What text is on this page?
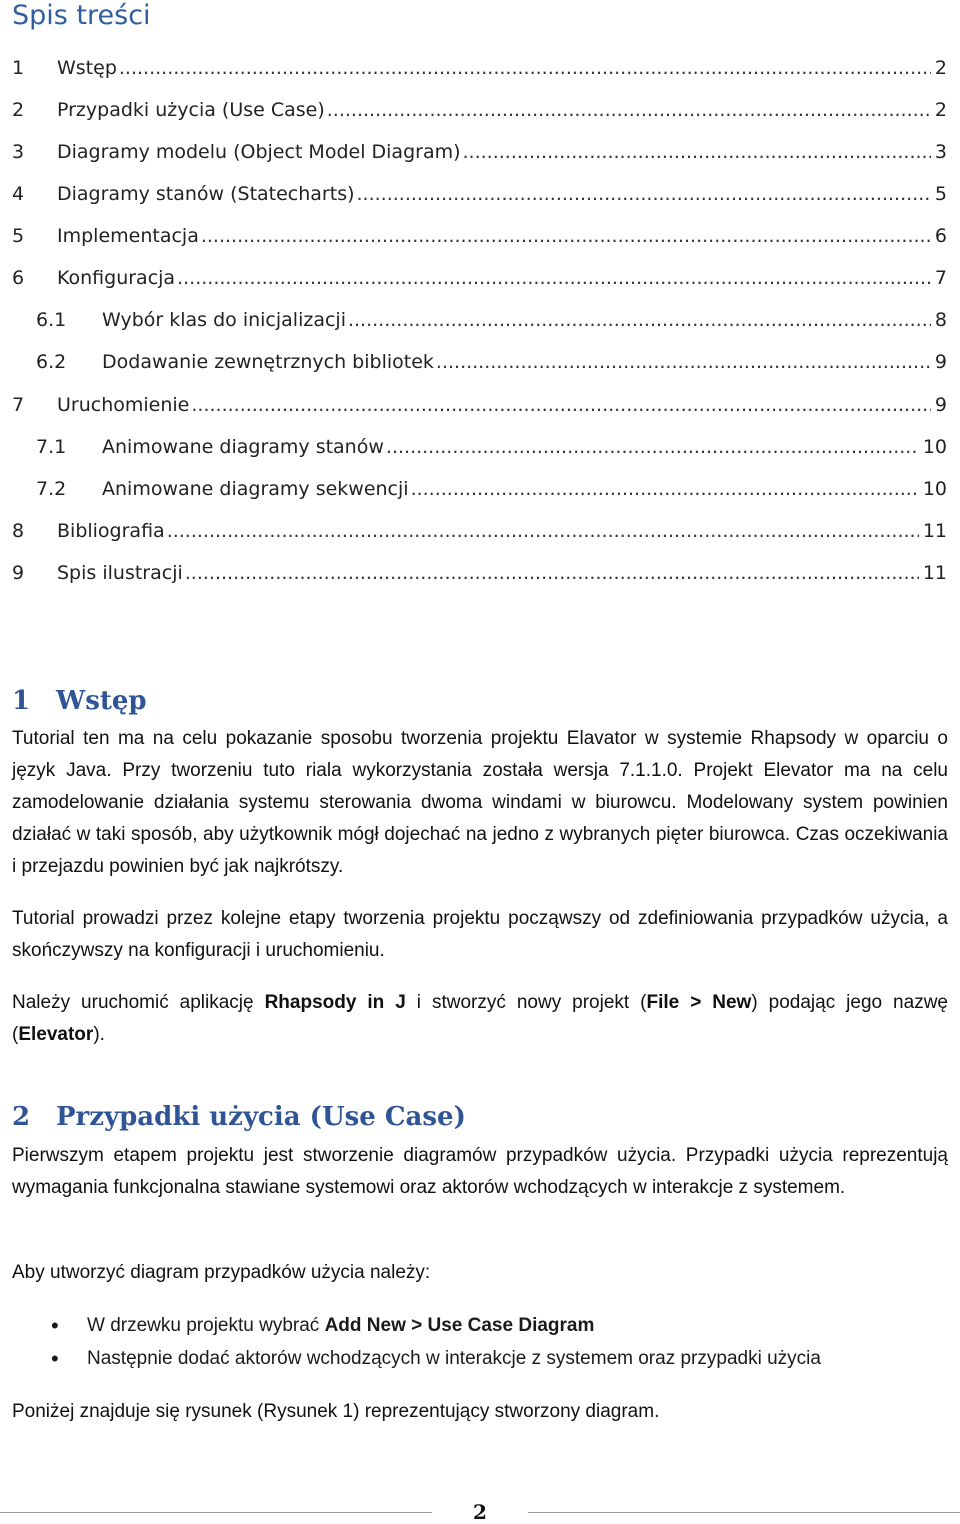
Spis treści
1	Wstęp .....	2
2	Przypadki użycia (Use Case) .....	2
3	Diagramy modelu (Object Model Diagram) .....	3
4	Diagramy stanów (Statecharts) .....	5
5	Implementacja .....	6
6	Konfiguracja .....	7
6.1	Wybór klas do inicjalizacji .....	8
6.2	Dodawanie zewnętrznych bibliotek .....	9
7	Uruchomienie .....	9
7.1	Animowane diagramy stanów .....	10
7.2	Animowane diagramy sekwencji .....	10
8	Bibliografia .....	11
9	Spis ilustracji .....	11
1 Wstęp

Tutorial ten ma na celu pokazanie sposobu tworzenia projektu Elavator w systemie Rhapsody w oparciu o język Java. Przy tworzeniu tuto riala wykorzystania została wersja 7.1.1.0. Projekt Elevator ma na celu zamodelowanie działania systemu sterowania dwoma windami w biurowcu. Modelowany system powinien działać w taki sposób, aby użytkownik mógł dojechać na jedno z wybranych pięter biurowca. Czas oczekiwania i przejazdu powinien być jak najkrótszy.

Tutorial prowadzi przez kolejne etapy tworzenia projektu począwszy od zdefiniowania przypadków użycia, a skończywszy na konfiguracji i uruchomieniu.

Należy uruchomić aplikację Rhapsody in J i stworzyć nowy projekt (File > New) podając jego nazwę (Elevator).

2 Przypadki użycia (Use Case)

Pierwszym etapem projektu jest stworzenie diagramów przypadków użycia. Przypadki użycia reprezentują wymagania funkcjonalna stawiane systemowi oraz aktorów wchodzących w interakcje z systemem.

Aby utworzyć diagram przypadków użycia należy:

• W drzewku projektu wybrać Add New > Use Case Diagram
• Następnie dodać aktorów wchodzących w interakcje z systemem oraz przypadki użycia

Poniżej znajduje się rysunek (Rysunek 1) reprezentujący stworzony diagram.

2
